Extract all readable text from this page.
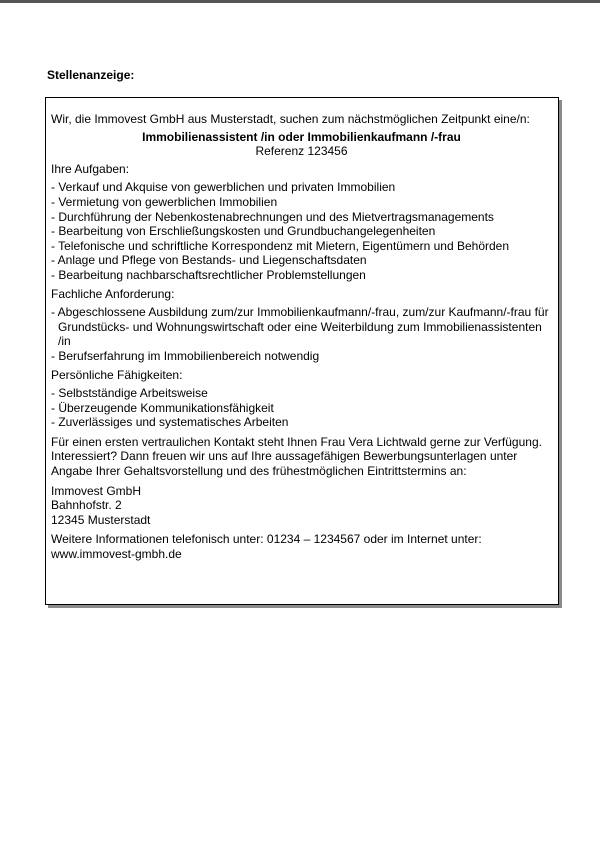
Stellenanzeige:

Wir, die Immovest GmbH aus Musterstadt, suchen zum nächstmöglichen Zeitpunkt eine/n:

Immobilienassistent /in oder Immobilienkaufmann /-frau
Referenz 123456

Ihre Aufgaben:

- Verkauf und Akquise von gewerblichen und privaten Immobilien
- Vermietung von gewerblichen Immobilien
- Durchführung der Nebenkostenabrechnungen und des Mietvertragsmanagements
- Bearbeitung von Erschließungskosten und Grundbuchangelegenheiten
- Telefonische und schriftliche Korrespondenz mit Mietern, Eigentümern und Behörden
- Anlage und Pflege von Bestands- und Liegenschaftsdaten
- Bearbeitung nachbarschaftsrechtlicher Problemstellungen

Fachliche Anforderung:

- Abgeschlossene Ausbildung zum/zur Immobilienkaufmann/-frau, zum/zur Kaufmann/-frau für Grundstücks- und Wohnungswirtschaft oder eine Weiterbildung zum Immobilienassistenten /in
- Berufserfahrung im Immobilienbereich notwendig

Persönliche Fähigkeiten:

- Selbstständige Arbeitsweise
- Überzeugende Kommunikationsfähigkeit
- Zuverlässiges und systematisches Arbeiten

Für einen ersten vertraulichen Kontakt steht Ihnen Frau Vera Lichtwald gerne zur Verfügung. Interessiert? Dann freuen wir uns auf Ihre aussagefähigen Bewerbungsunterlagen unter Angabe Ihrer Gehaltsvorstellung und des frühestmöglichen Eintrittstermins an:

Immovest GmbH
Bahnhofstr. 2
12345 Musterstadt

Weitere Informationen telefonisch unter: 01234 – 1234567 oder im Internet unter: www.immovest-gmbh.de
